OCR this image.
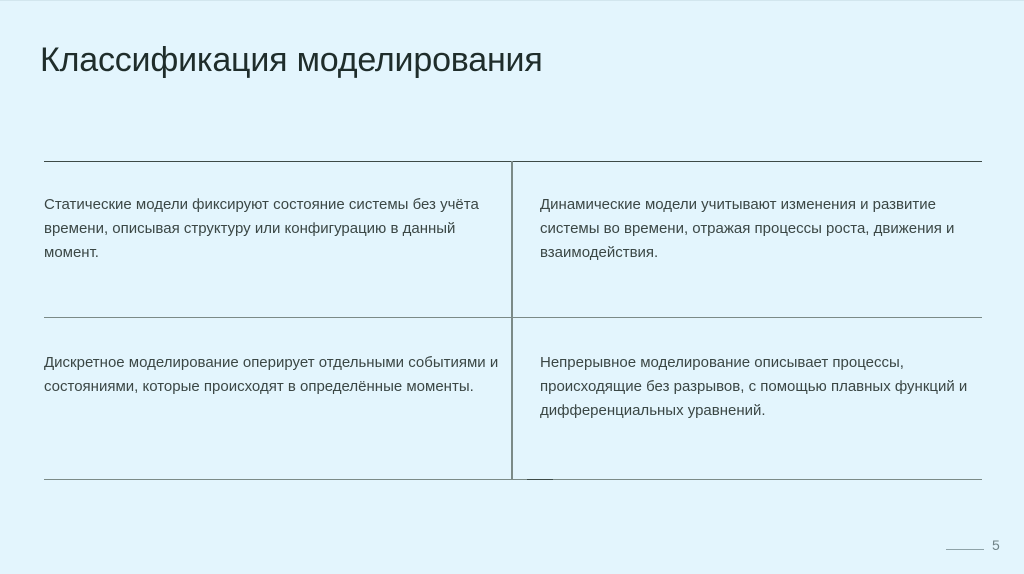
Классификация моделирования

Статические модели фиксируют состояние системы без учёта времени, описывая структуру или конфигурацию в данный момент.

Динамические модели учитывают изменения и развитие системы во времени, отражая процессы роста, движения и взаимодействия.

Дискретное моделирование оперирует отдельными событиями и состояниями, которые происходят в определённые моменты.

Непрерывное моделирование описывает процессы, происходящие без разрывов, с помощью плавных функций и дифференциальных уравнений.

5
